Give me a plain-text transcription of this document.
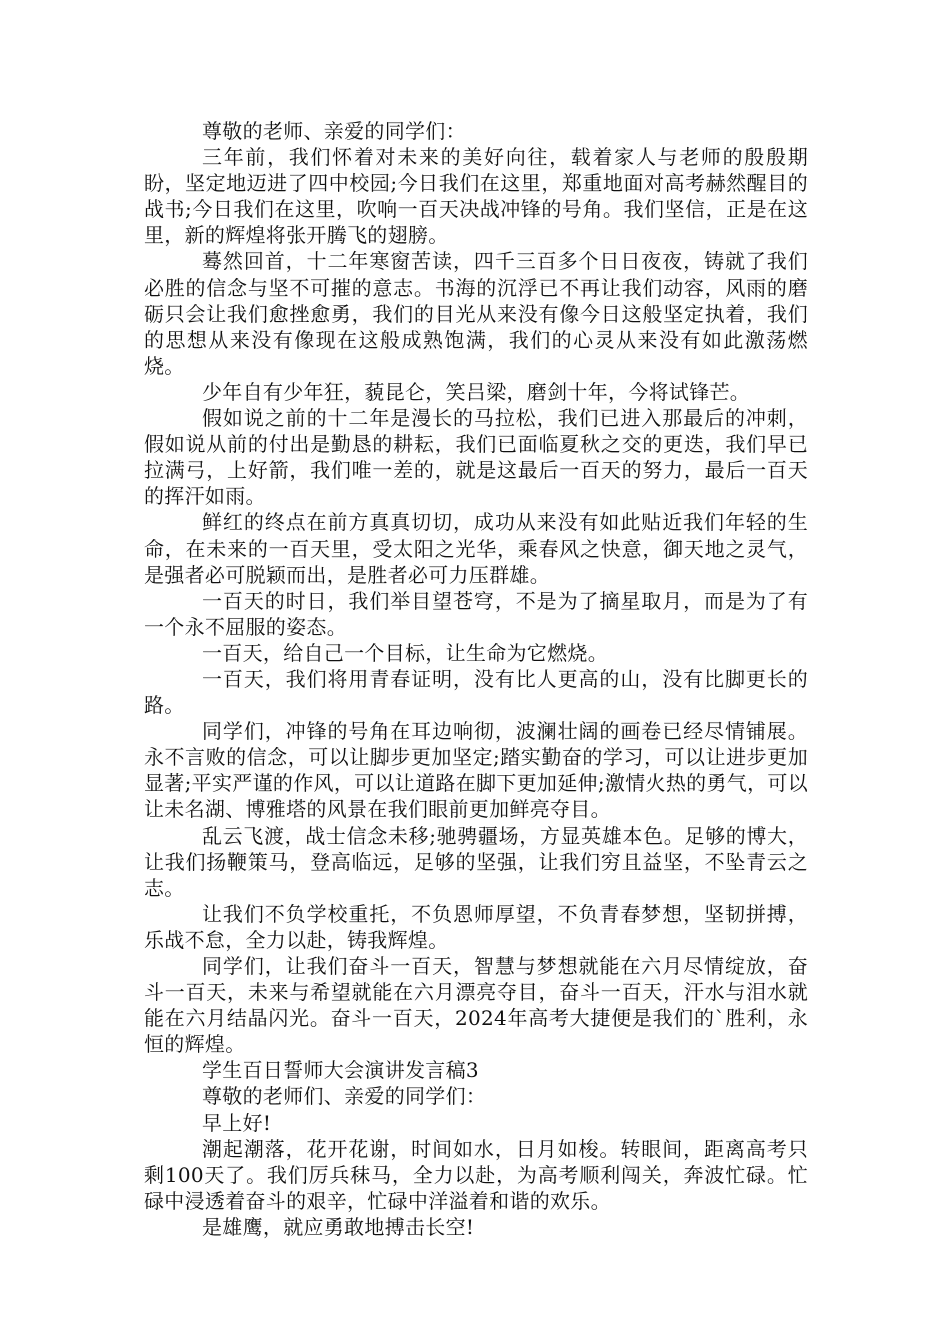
尊敬的老师、亲爱的同学们：

三年前，我们怀着对未来的美好向往，载着家人与老师的殷殷期盼，坚定地迈进了四中校园;今日我们在这里，郑重地面对高考赫然醒目的战书;今日我们在这里，吹响一百天决战冲锋的号角。我们坚信，正是在这里，新的辉煌将张开腾飞的翅膀。

蓦然回首，十二年寒窗苦读，四千三百多个日日夜夜，铸就了我们必胜的信念与坚不可摧的意志。书海的沉浮已不再让我们动容，风雨的磨砺只会让我们愈挫愈勇，我们的目光从来没有像今日这般坚定执着，我们的思想从来没有像现在这般成熟饱满，我们的心灵从来没有如此激荡燃烧。

少年自有少年狂，藐昆仑，笑吕梁，磨剑十年，今将试锋芒。

假如说之前的十二年是漫长的马拉松，我们已进入那最后的冲刺，假如说从前的付出是勤恳的耕耘，我们已面临夏秋之交的更迭，我们早已拉满弓，上好箭，我们唯一差的，就是这最后一百天的努力，最后一百天的挥汗如雨。

鲜红的终点在前方真真切切，成功从来没有如此贴近我们年轻的生命，在未来的一百天里，受太阳之光华，乘春风之快意，御天地之灵气，是强者必可脱颖而出，是胜者必可力压群雄。

一百天的时日，我们举目望苍穹，不是为了摘星取月，而是为了有一个永不屈服的姿态。

一百天，给自己一个目标，让生命为它燃烧。

一百天，我们将用青春证明，没有比人更高的山，没有比脚更长的路。

同学们，冲锋的号角在耳边响彻，波澜壮阔的画卷已经尽情铺展。永不言败的信念，可以让脚步更加坚定;踏实勤奋的学习，可以让进步更加显著;平实严谨的作风，可以让道路在脚下更加延伸;激情火热的勇气，可以让未名湖、博雅塔的风景在我们眼前更加鲜亮夺目。

乱云飞渡，战士信念未移;驰骋疆场，方显英雄本色。足够的博大，让我们扬鞭策马，登高临远，足够的坚强，让我们穷且益坚，不坠青云之志。

让我们不负学校重托，不负恩师厚望，不负青春梦想，坚韧拼搏，乐战不怠，全力以赴，铸我辉煌。

同学们，让我们奋斗一百天，智慧与梦想就能在六月尽情绽放，奋斗一百天，未来与希望就能在六月漂亮夺目，奋斗一百天，汗水与泪水就能在六月结晶闪光。奋斗一百天，2024年高考大捷便是我们的`胜利，永恒的辉煌。

学生百日誓师大会演讲发言稿3

尊敬的老师们、亲爱的同学们：

早上好!

潮起潮落，花开花谢，时间如水，日月如梭。转眼间，距离高考只剩100天了。我们厉兵秣马，全力以赴，为高考顺利闯关，奔波忙碌。忙碌中浸透着奋斗的艰辛，忙碌中洋溢着和谐的欢乐。

是雄鹰，就应勇敢地搏击长空!
